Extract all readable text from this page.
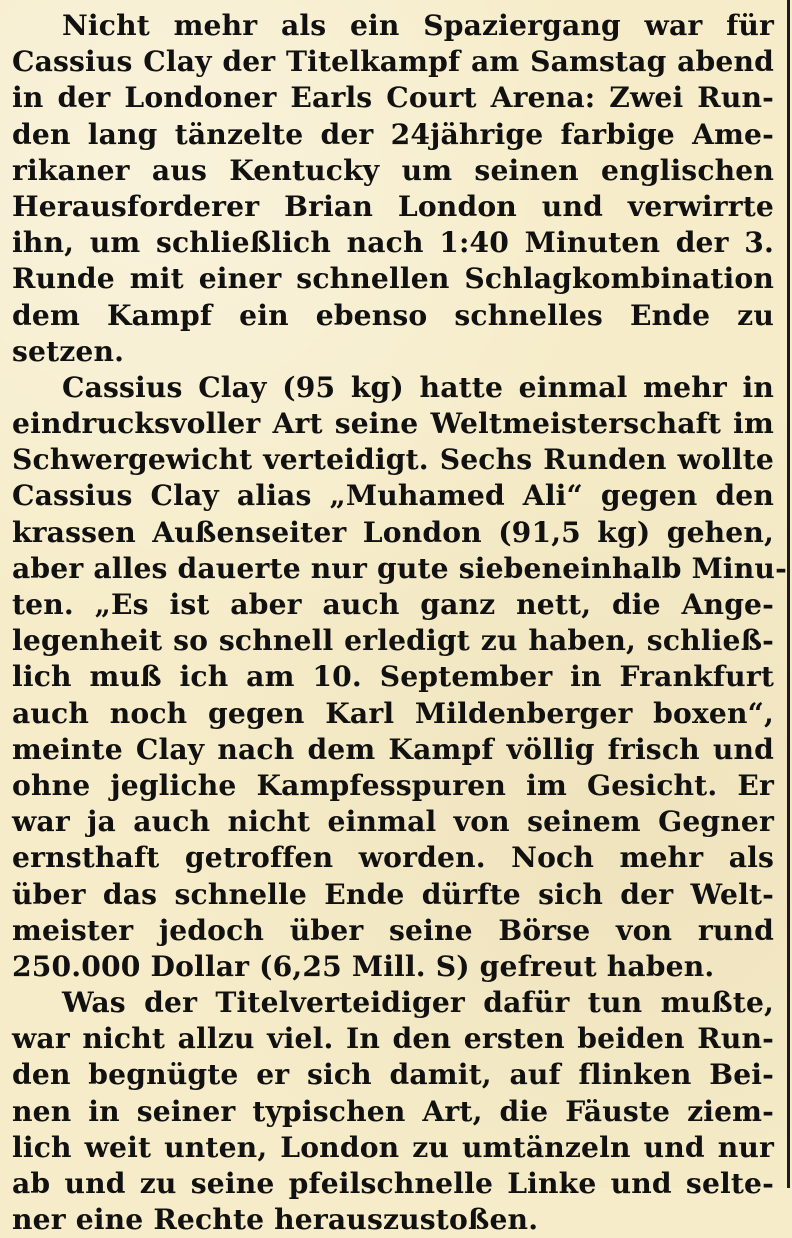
Nicht mehr als ein Spaziergang war für
Cassius Clay der Titelkampf am Samstag abend
in der Londoner Earls Court Arena: Zwei Run-
den lang tänzelte der 24jährige farbige Ame-
rikaner aus Kentucky um seinen englischen
Herausforderer Brian London und verwirrte
ihn, um schließlich nach 1:40 Minuten der 3.
Runde mit einer schnellen Schlagkombination
dem Kampf ein ebenso schnelles Ende zu
setzen.

Cassius Clay (95 kg) hatte einmal mehr in
eindrucksvoller Art seine Weltmeisterschaft im
Schwergewicht verteidigt. Sechs Runden wollte
Cassius Clay alias „Muhamed Ali“ gegen den
krassen Außenseiter London (91,5 kg) gehen,
aber alles dauerte nur gute siebeneinhalb Minu-
ten. „Es ist aber auch ganz nett, die Ange-
legenheit so schnell erledigt zu haben, schließ-
lich muß ich am 10. September in Frankfurt
auch noch gegen Karl Mildenberger boxen“,
meinte Clay nach dem Kampf völlig frisch und
ohne jegliche Kampfesspuren im Gesicht. Er
war ja auch nicht einmal von seinem Gegner
ernsthaft getroffen worden. Noch mehr als
über das schnelle Ende dürfte sich der Welt-
meister jedoch über seine Börse von rund
250.000 Dollar (6,25 Mill. S) gefreut haben.

Was der Titelverteidiger dafür tun mußte,
war nicht allzu viel. In den ersten beiden Run-
den begnügte er sich damit, auf flinken Bei-
nen in seiner typischen Art, die Fäuste ziem-
lich weit unten, London zu umtänzeln und nur
ab und zu seine pfeilschnelle Linke und selte-
ner eine Rechte herauszustoßen.
